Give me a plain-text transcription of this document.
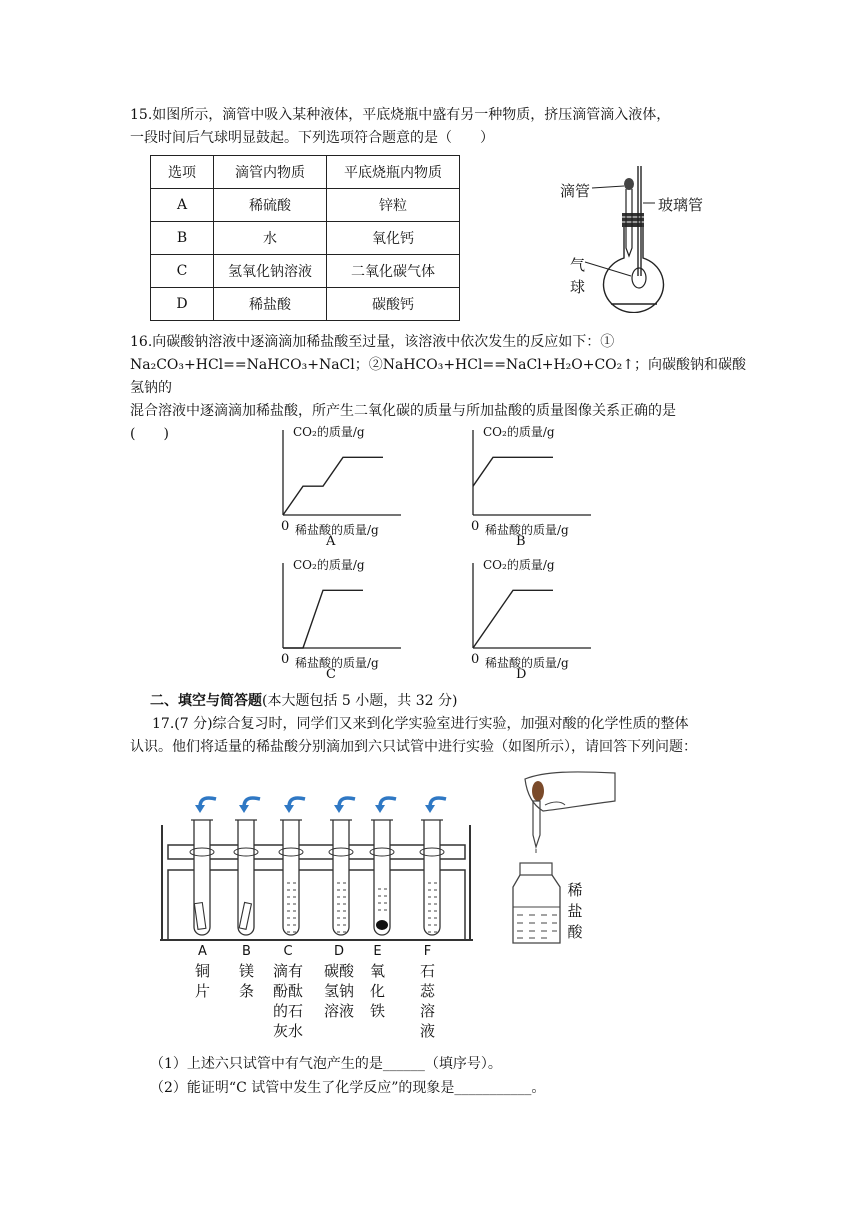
15.如图所示，滴管中吸入某种液体，平底烧瓶中盛有另一种物质，挤压滴管滴入液体，

一段时间后气球明显鼓起。下列选项符合题意的是（　　）

选项	滴管内物质	平底烧瓶内物质
A	稀硫酸	锌粒
B	水	氧化钙
C	氢氧化钠溶液	二氧化碳气体
D	稀盐酸	碳酸钙
滴管
玻璃管
气
球

16.向碳酸钠溶液中逐滴滴加稀盐酸至过量，该溶液中依次发生的反应如下：①

Na₂CO₃+HCl==NaHCO₃+NaCl；②NaHCO₃+HCl==NaCl+H₂O+CO₂↑；向碳酸钠和碳酸氢钠的

混合溶液中逐滴滴加稀盐酸，所产生二氧化碳的质量与所加盐酸的质量图像关系正确的是

(　　)	CO₂的质量/g
0 稀盐酸的质量/g
A
CO₂的质量/g
0 稀盐酸的质量/g
B
CO₂的质量/g
0 稀盐酸的质量/g
C
CO₂的质量/g
0 稀盐酸的质量/g
D
二、填空与简答题(本大题包括 5 小题，共 32 分)

17.(7 分)综合复习时，同学们又来到化学实验室进行实验，加强对酸的化学性质的整体

认识。他们将适量的稀盐酸分别滴加到六只试管中进行实验（如图所示），请回答下列问题：

A
铜
片
B
镁
条
C
滴有
酚酞
的石
灰水
D
碳酸
氢钠
溶液
E
氧
化
铁
F
石
蕊
溶
液
稀
盐
酸
（1）上述六只试管中有气泡产生的是______（填序号）。
（2）能证明“C 试管中发生了化学反应”的现象是___________。
